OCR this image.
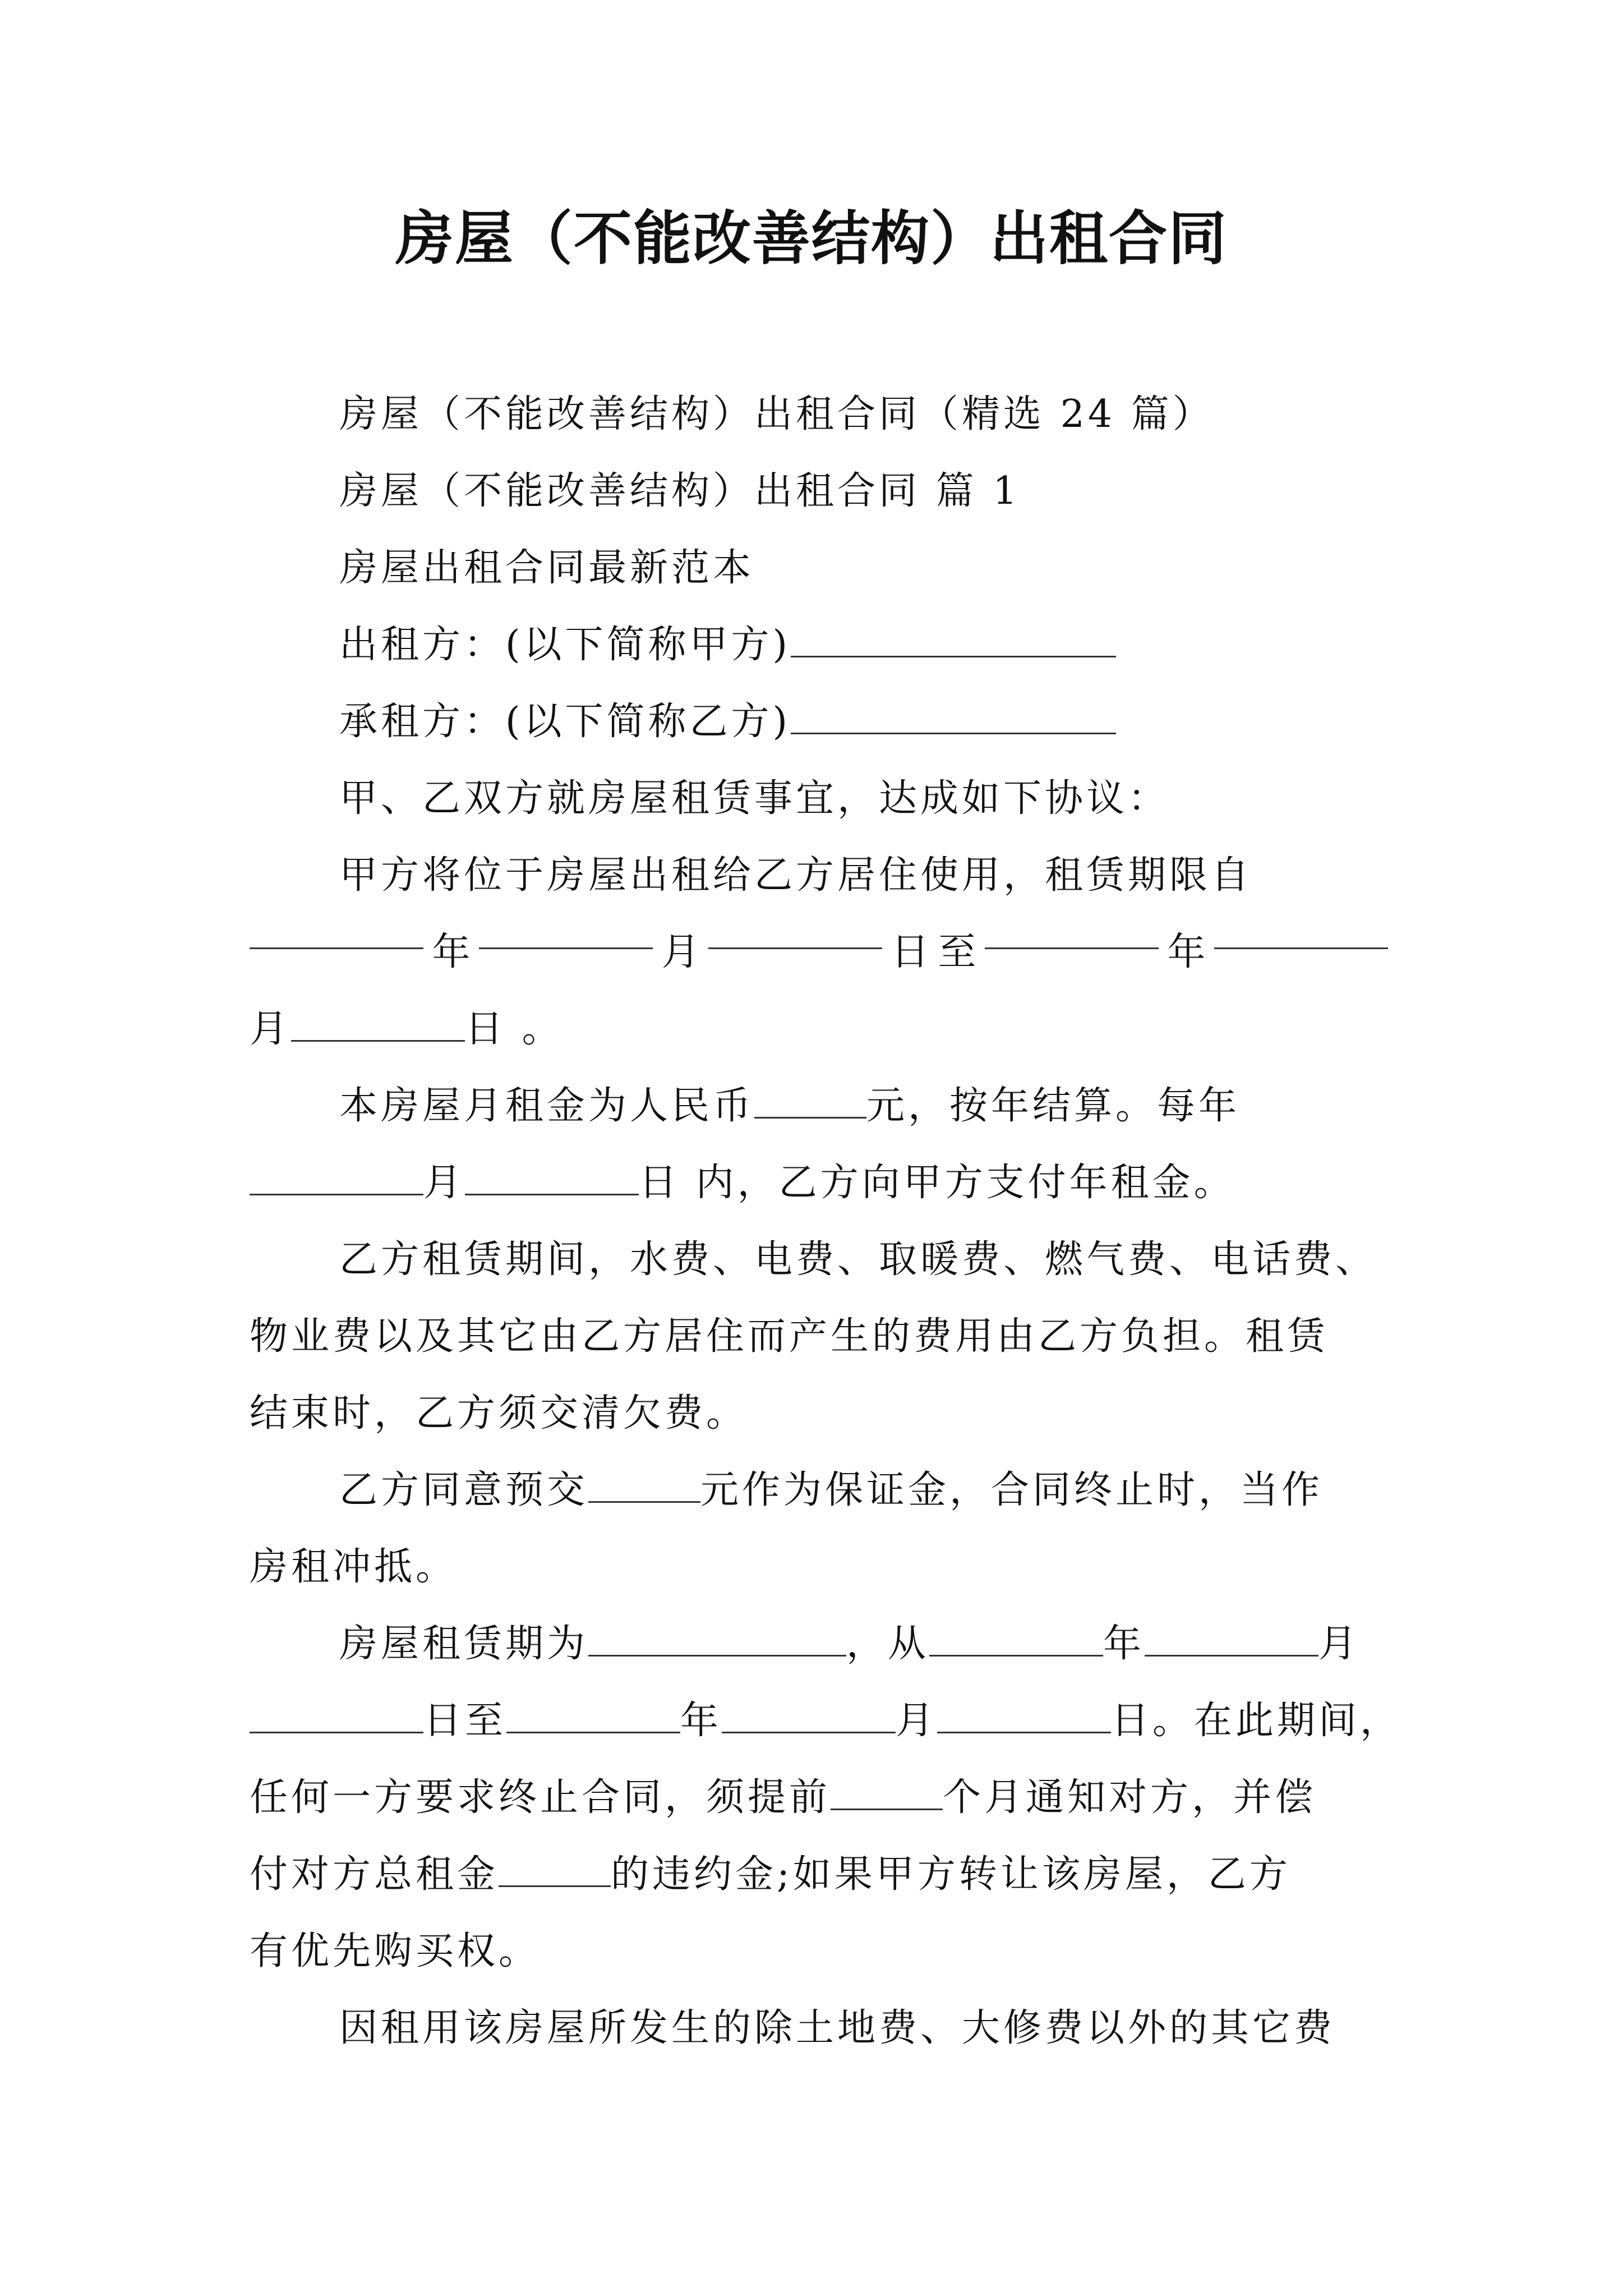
房屋（不能改善结构）出租合同
房屋（不能改善结构）出租合同（精选 24 篇）
房屋（不能改善结构）出租合同 篇 1
房屋出租合同最新范本
出租方：(以下简称甲方)
承租方：(以下简称乙方)
甲、乙双方就房屋租赁事宜，达成如下协议：
甲方将位于房屋出租给乙方居住使用，租赁期限自
年	月	日 至	年
月	日 。
本房屋月租金为人民币	元，按年结算。每年
月	日 内，乙方向甲方支付年租金。
乙方租赁期间，水费、电费、取暖费、燃气费、电话费、
物业费以及其它由乙方居住而产生的费用由乙方负担。租赁
结束时，乙方须交清欠费。
乙方同意预交	元作为保证金，合同终止时，当作
房租冲抵。
房屋租赁期为	，从	年	月
日至	年	月	日。在此期间，
任何一方要求终止合同，须提前	个月通知对方，并偿
付对方总租金	的违约金;如果甲方转让该房屋，乙方
有优先购买权。
因租用该房屋所发生的除土地费、大修费以外的其它费
